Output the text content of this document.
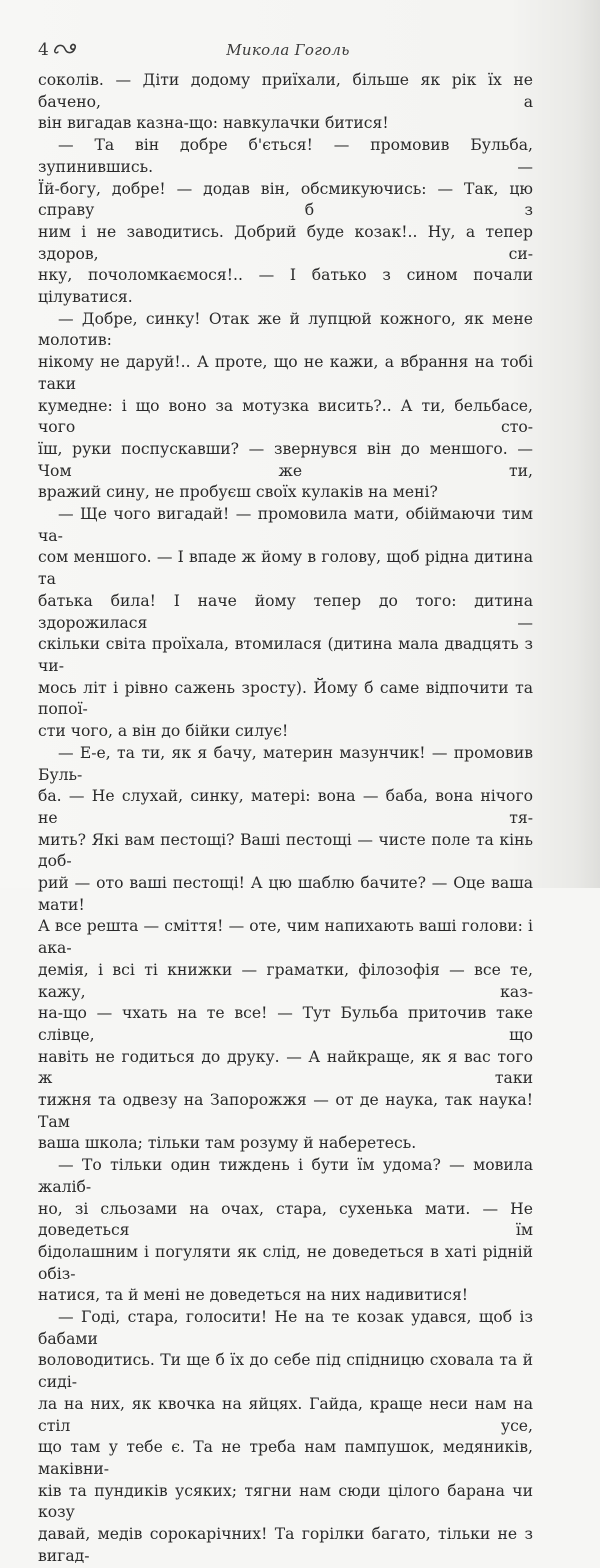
4	Микола Гоголь

соколів. — Діти додому приїхали, більше як рік їх не бачено, а

він вигадав казна-що: навкулачки битися!

— Та він добре б'ється! — промовив Бульба, зупинившись. —

Їй-богу, добре! — додав він, обсмикуючись: — Так, цю справу б з

ним і не заводитись. Добрий буде козак!.. Ну, а тепер здоров, си-

нку, почоломкаємося!.. — І батько з сином почали цілуватися.

— Добре, синку! Отак же й лупцюй кожного, як мене молотив:

нікому не даруй!.. А проте, що не кажи, а вбрання на тобі таки

кумедне: і що воно за мотузка висить?.. А ти, бельбасе, чого сто-

їш, руки поспускавши? — звернувся він до меншого. — Чом же ти,

вражий сину, не пробуєш своїх кулаків на мені?

— Ще чого вигадай! — промовила мати, обіймаючи тим ча-

сом меншого. — І впаде ж йому в голову, щоб рідна дитина та

батька била! І наче йому тепер до того: дитина здорожилася —

скільки світа проїхала, втомилася (дитина мала двадцять з чи-

мось літ і рівно сажень зросту). Йому б саме відпочити та попої-

сти чого, а він до бійки силує!

— Е-е, та ти, як я бачу, материн мазунчик! — промовив Буль-

ба. — Не слухай, синку, матері: вона — баба, вона нічого не тя-

мить? Які вам пестощі? Ваші пестощі — чисте поле та кінь доб-

рий — ото ваші пестощі! А цю шаблю бачите? — Оце ваша мати!

А все решта — сміття! — оте, чим напихають ваші голови: і ака-

демія, і всі ті книжки — граматки, філозофія — все те, кажу, каз-

на-що — чхать на те все! — Тут Бульба приточив таке слівце, що

навіть не годиться до друку. — А найкраще, як я вас того ж таки

тижня та одвезу на Запорожжя — от де наука, так наука! Там

ваша школа; тільки там розуму й наберетесь.

— То тільки один тиждень і бути їм удома? — мовила жаліб-

но, зі сльозами на очах, стара, сухенька мати. — Не доведеться їм

бідолашним і погуляти як слід, не доведеться в хаті рідній обіз-

натися, та й мені не доведеться на них надивитися!

— Годі, стара, голосити! Не на те козак удався, щоб із бабами

воловодитись. Ти ще б їх до себе під спідницю сховала та й сиді-

ла на них, як квочка на яйцях. Гайда, краще неси нам на стіл усе,

що там у тебе є. Та не треба нам пампушок, медяників, маківни-

ків та пундиків усяких; тягни нам сюди цілого барана чи козу

давай, медів сорокарічних! Та горілки багато, тільки не з вигад-
